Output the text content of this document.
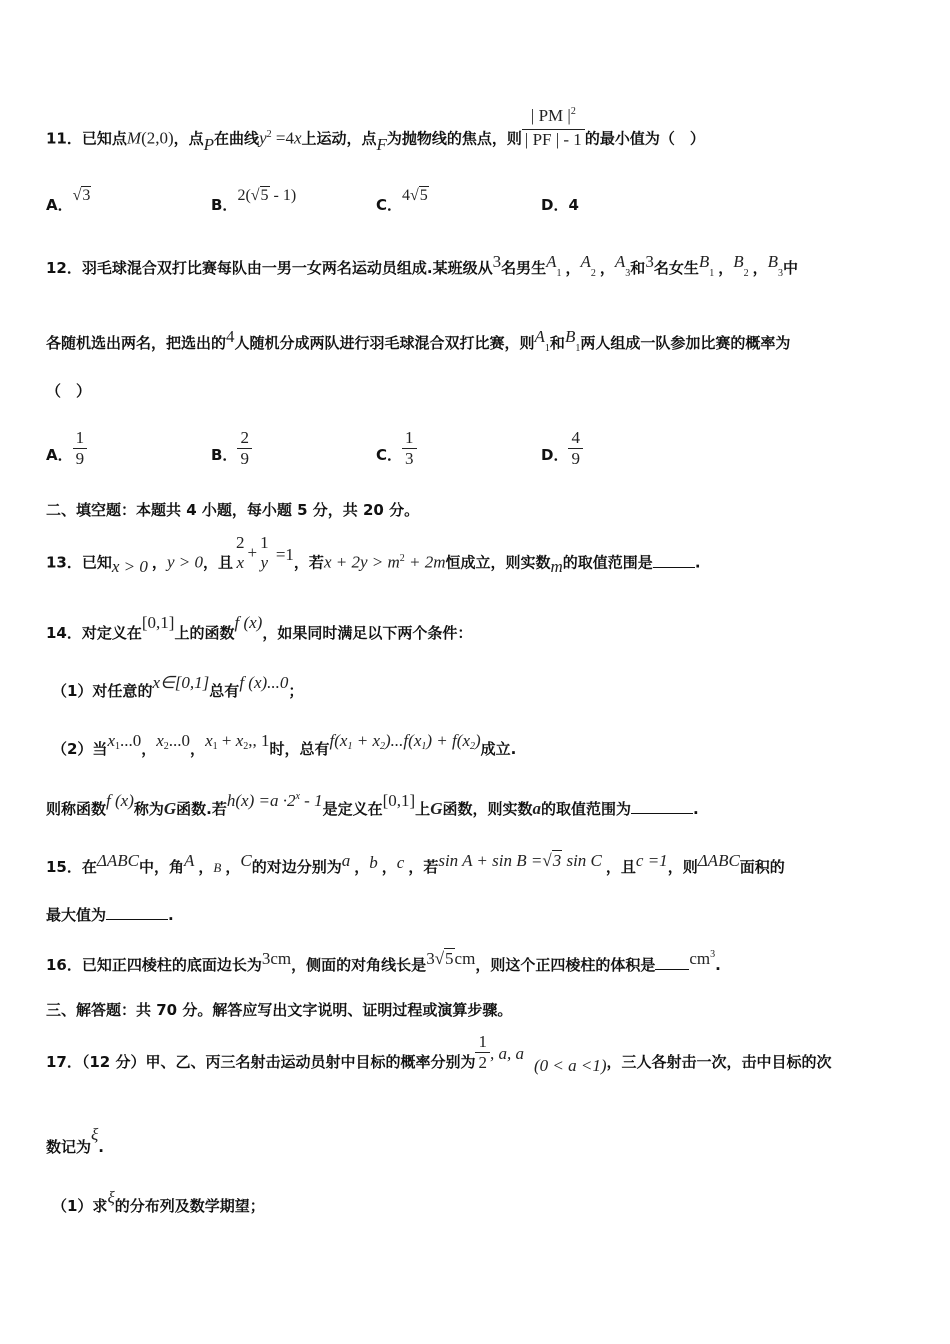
11．已知点M(2,0)，点P在曲线$y^2 =4x$上运动，点F为抛物线的焦点，则 $\frac{| PM |^2}{| PF | - 1}$ 的最小值为（　）
A．√3
B．2(√5 - 1)
C．4√5
D．4
12．羽毛球混合双打比赛每队由一男一女两名运动员组成.某班级从3名男生$A_1$ ，$A_2$ ，$A_3$和3名女生$B_1$ ，$B_2$ ，$B_3$中
各随机选出两名，把选出的4人随机分成两队进行羽毛球混合双打比赛，则$A_1$和$B_1$两人组成一队参加比赛的概率为
（　）
A． $\frac{1}{9}$	B． $\frac{2}{9}$	C． $\frac{1}{3}$	D． $\frac{4}{9}$
二、填空题：本题共 4 小题，每小题 5 分，共 20 分。
13．已知x > 0 ，y > 0，且
2
x
+ 1
y =1，若$x + 2y > m^2 + 2m$恒成立，则实数m的取值范围是	.
14．对定义在[0,1]上的函数f (x)，如果同时满足以下两个条件：
（1）对任意的x∈[0,1]总有f (x)...0；
（2）当x1...0，x2...0，x1 + x2,, 1时，总有f(x1 + x2)...f(x1) + f(x2)成立.
则称函数f (x)称为G函数.若$h(x) =a \cdot 2^x - 1$是定义在[0,1]上G函数，则实数a的取值范围为	.
15．在ΔABC中，角A ，B ，C的对边分别为a ，b ，c ，若sin A + sin B =√3 sin C ，且c =1，则ΔABC面积的
最大值为	.
16．已知正四棱柱的底面边长为3cm，侧面的对角线长是3√5cm，则这个正四棱柱的体积是 $cm^3$.
三、解答题：共 70 分。解答应写出文字说明、证明过程或演算步骤。
17．（12 分）甲、乙、丙三名射击运动员射中目标的概率分别为 $\frac{1}{2}$ , a, a(0 < a <1)，三人各射击一次，击中目标的次
数记为ξ.
（1）求ξ的分布列及数学期望；
